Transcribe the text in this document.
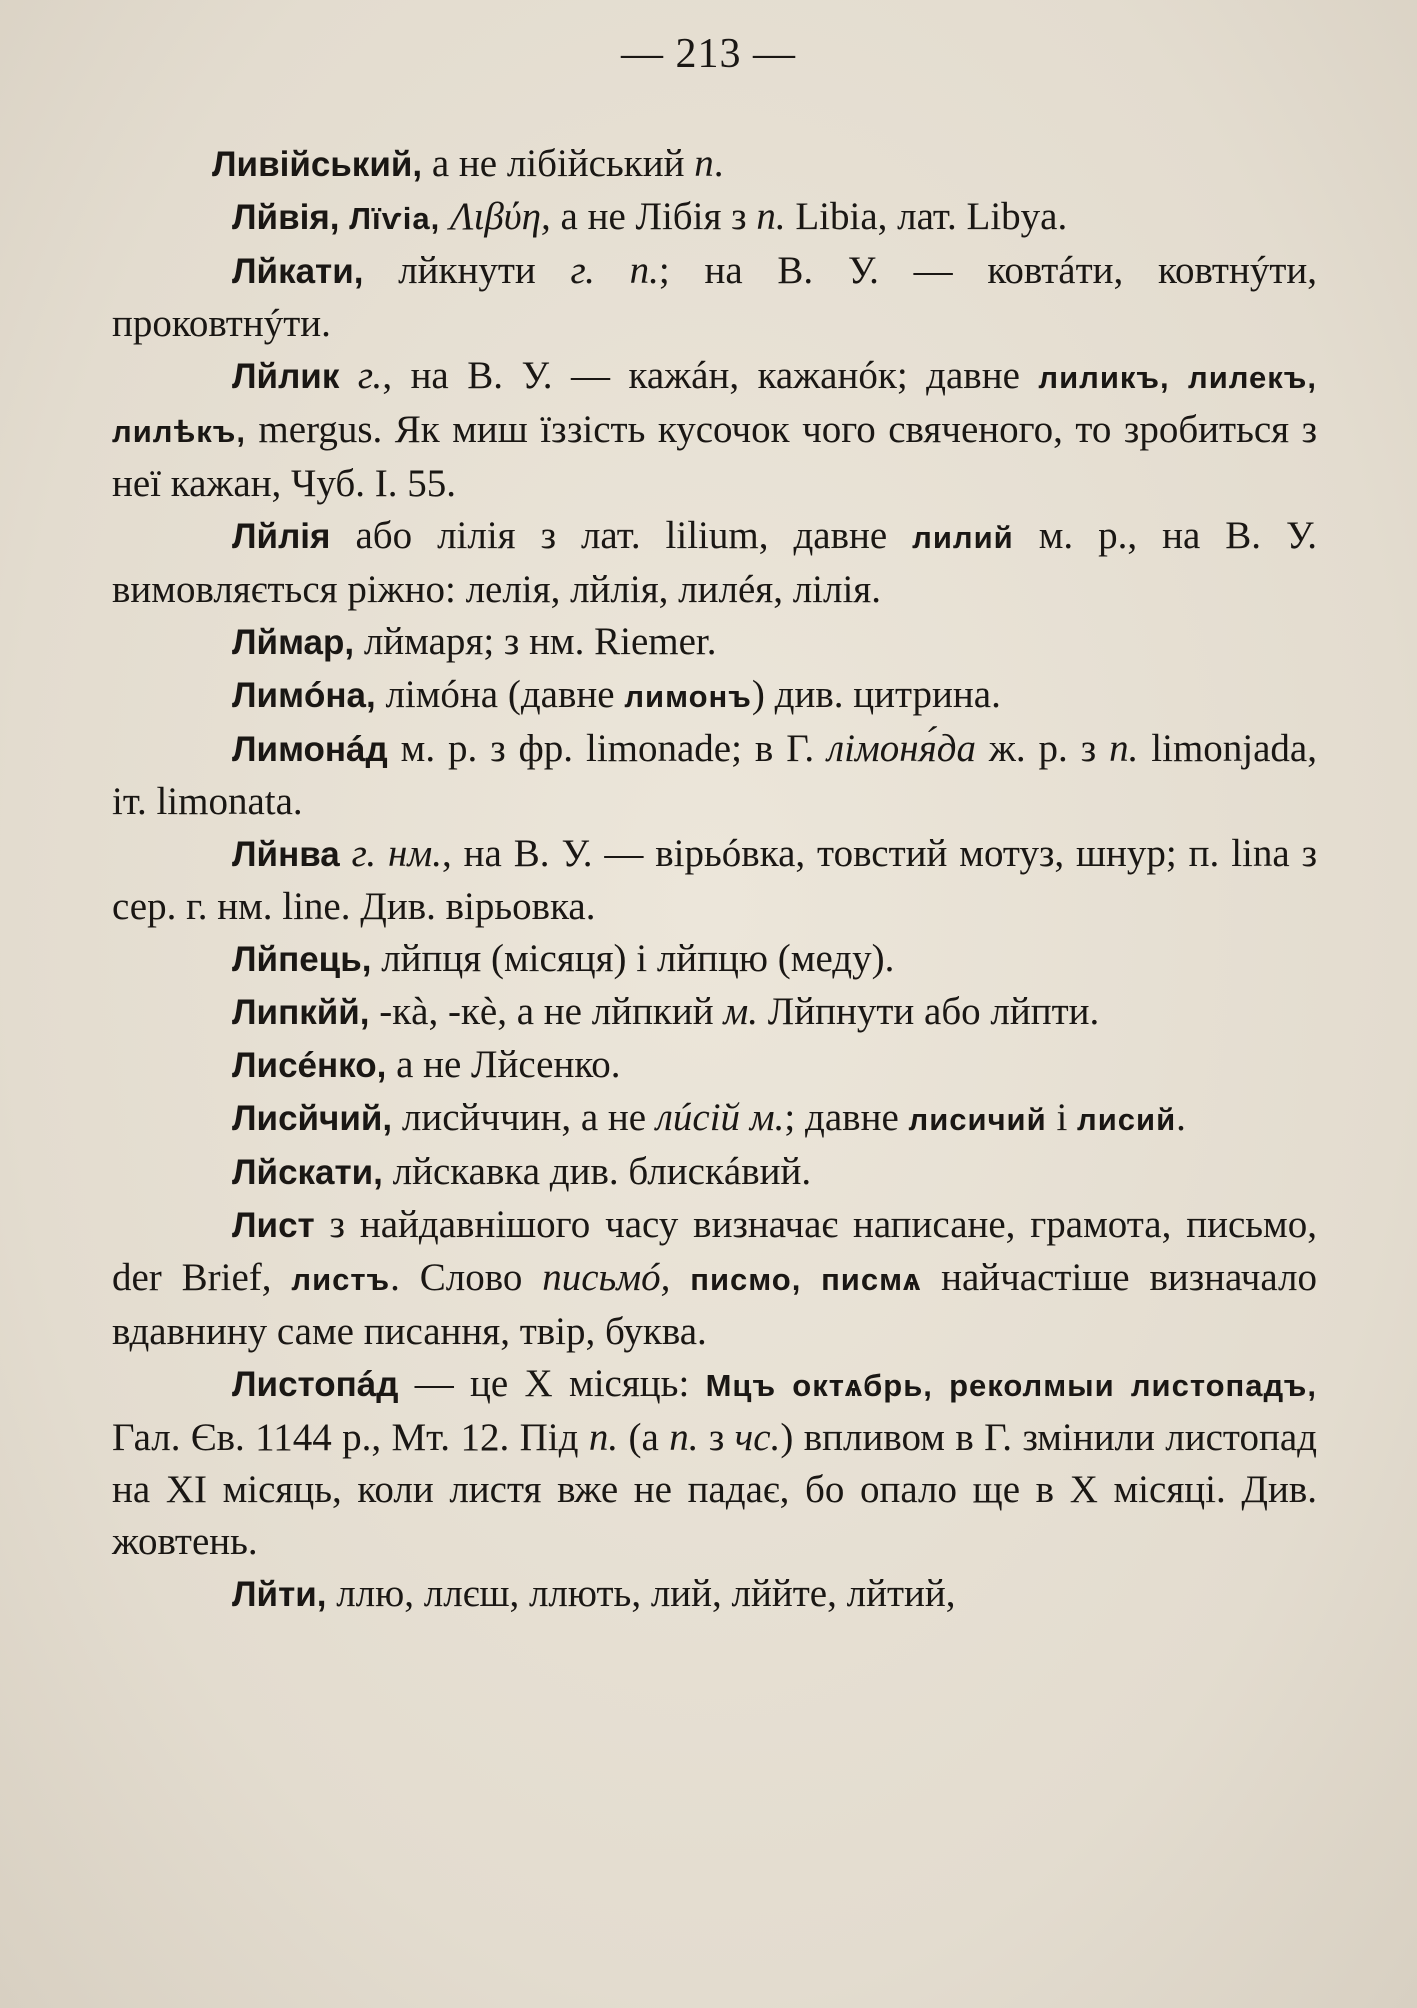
— 213 —

Ливійський, а не лібійський п.

Лйвія, Лїѵіа, Λιβύη, а не Лібія з п. Libia, лат. Libya.

Лйкати, лйкнути г. п.; на В. У. — ковтáти, ковтнýти, проковтнýти.

Лйлик г., на В. У. — кажáн, кажанóк; давне лиликъ, лилекъ, лилѣкъ, mergus. Як миш їззість кусочок чого свяченого, то зробиться з неї кажан, Чуб. І. 55.

Лйлія або лілія з лат. lilium, давне лилий м. р., на В. У. вимовляється ріжно: лелія, лйлія, лилéя, лілія.

Лймар, лймаря; з нм. Riemer.

Лимóна, лімóна (давне лимонъ) див. цитрина.

Лимонáд м. р. з фр. limonade; в Г. лімоня́да ж. р. з п. limonjada, іт. limonata.

Лйнва г. нм., на В. У. — вірьóвка, товстий мотуз, шнур; п. lina з сер. г. нм. line. Див. вірьовка.

Лйпець, лйпця (місяця) і лйпцю (меду).

Липкйй, -кà, -кè, а не лйпкий м. Лйпнути або лйпти.

Лисéнко, а не Лйсенко.

Лисйчий, лисйччин, а не лúсій м.; давне лисичий і лисий.

Лйскати, лйскавка див. блискáвий.

Лист з найдавнішого часу визначає написане, грамота, письмо, der Brief, листъ. Слово письмó, писмо, писмѧ найчастіше визначало вдавнину саме писання, твір, буква.

Листопáд — це X місяць: Мцъ октѧбрь, реколмыи листопадъ, Гал. Єв. 1144 р., Мт. 12. Під п. (а п. з чс.) впливом в Г. змінили листопад на XI місяць, коли листя вже не падає, бо опало ще в X місяці. Див. жовтень.

Лйти, ллю, ллєш, ллють, лий, лййте, лйтий,
